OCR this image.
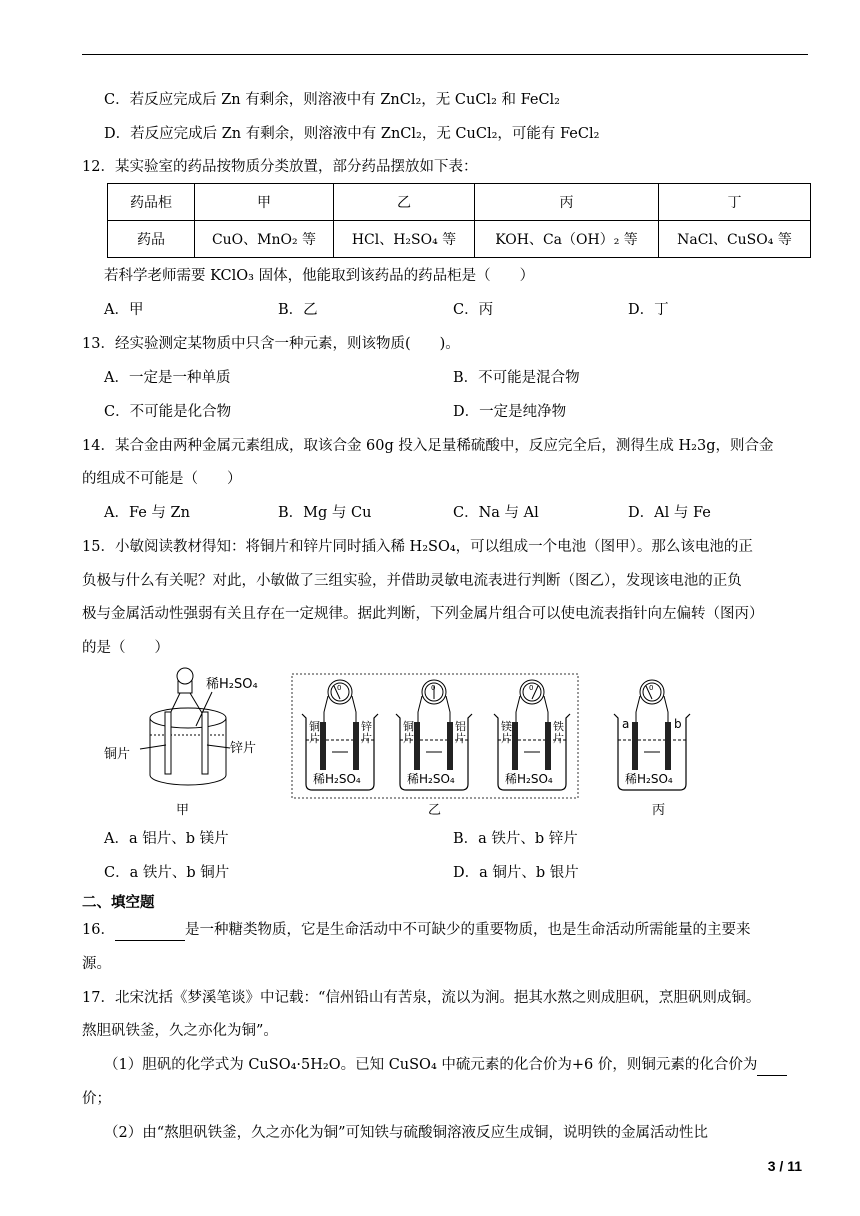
C．若反应完成后 Zn 有剩余，则溶液中有 ZnCl₂，无 CuCl₂ 和 FeCl₂
D．若反应完成后 Zn 有剩余，则溶液中有 ZnCl₂，无 CuCl₂，可能有 FeCl₂
12．某实验室的药品按物质分类放置，部分药品摆放如下表：
药品柜	甲	乙	丙	丁
药品	CuO、MnO₂ 等	HCl、H₂SO₄ 等	KOH、Ca（OH）₂ 等	NaCl、CuSO₄ 等
若科学老师需要 KClO₃ 固体，他能取到该药品的药品柜是（　　）
A．甲	B．乙	C．丙	D．丁
13．经实验测定某物质中只含一种元素，则该物质(　　)。
A．一定是一种单质	B．不可能是混合物
C．不可能是化合物	D．一定是纯净物
14．某合金由两种金属元素组成，取该合金 60g 投入足量稀硫酸中，反应完全后，测得生成 H₂3g，则合金
的组成不可能是（　　）
A．Fe 与 Zn	B．Mg 与 Cu	C．Na 与 Al	D．Al 与 Fe
15．小敏阅读教材得知：将铜片和锌片同时插入稀 H₂SO₄，可以组成一个电池（图甲）。那么该电池的正
负极与什么有关呢？对此，小敏做了三组实验，并借助灵敏电流表进行判断（图乙），发现该电池的正负
极与金属活动性强弱有关且存在一定规律。据此判断，下列金属片组合可以使电流表指针向左偏转（图丙）
的是（　　）
稀H₂SO₄
铜片	锌片
甲
0
铜
片
锌
片
稀H₂SO₄
0
铜
片
铝
片
稀H₂SO₄
0
镁
片
铁
片
稀H₂SO₄
乙
0
a	b
稀H₂SO₄
丙
A．a 铝片、b 镁片	B．a 铁片、b 锌片
C．a 铁片、b 铜片	D．a 铜片、b 银片
二、填空题
16．	是一种糖类物质，它是生命活动中不可缺少的重要物质，也是生命活动所需能量的主要来
源。
17．北宋沈括《梦溪笔谈》中记载：“信州铅山有苦泉，流以为涧。挹其水熬之则成胆矾，烹胆矾则成铜。
熬胆矾铁釜，久之亦化为铜”。
（1）胆矾的化学式为 CuSO₄·5H₂O。已知 CuSO₄ 中硫元素的化合价为+6 价，则铜元素的化合价为
价；
（2）由“熬胆矾铁釜，久之亦化为铜”可知铁与硫酸铜溶液反应生成铜，说明铁的金属活动性比
3 / 11
